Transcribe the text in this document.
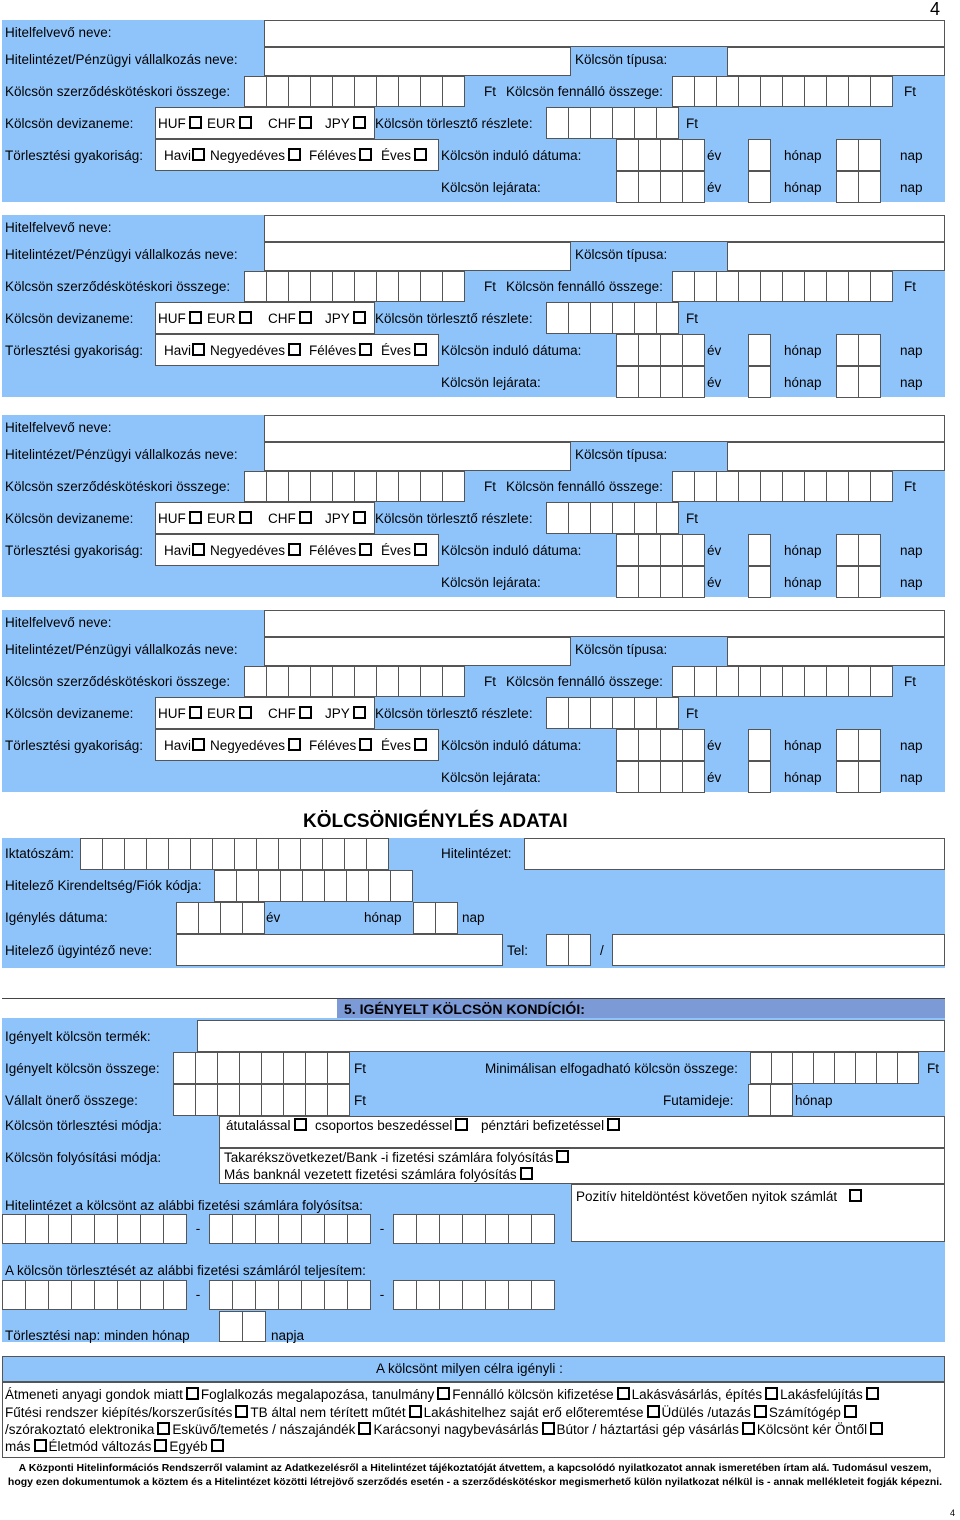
4
Hitelfelvevő neve:
Hitelintézet/Pénzügyi vállalkozás neve:	Kölcsön típusa:
Kölcsön szerződéskötéskori összege:	Ft Kölcsön fennálló összege:	Ft
Kölcsön devizaneme: HUF	EUR	CHF	JPY	Kölcsön törlesztő részlete:	Ft
Törlesztési gyakoriság: Havi	Negyedéves	Féléves	Éves	Kölcsön induló dátuma:	év	hónap	nap
Kölcsön lejárata:	év	hónap	nap
Hitelfelvevő neve:
Hitelintézet/Pénzügyi vállalkozás neve:	Kölcsön típusa:
Kölcsön szerződéskötéskori összege:	Ft Kölcsön fennálló összege:	Ft
Kölcsön devizaneme: HUF	EUR	CHF	JPY	Kölcsön törlesztő részlete:	Ft
Törlesztési gyakoriság: Havi	Negyedéves	Féléves	Éves	Kölcsön induló dátuma:	év	hónap	nap
Kölcsön lejárata:	év	hónap	nap
Hitelfelvevő neve:
Hitelintézet/Pénzügyi vállalkozás neve:	Kölcsön típusa:
Kölcsön szerződéskötéskori összege:	Ft Kölcsön fennálló összege:	Ft
Kölcsön devizaneme: HUF	EUR	CHF	JPY	Kölcsön törlesztő részlete:	Ft
Törlesztési gyakoriság: Havi	Negyedéves	Féléves	Éves	Kölcsön induló dátuma:	év	hónap	nap
Kölcsön lejárata:	év	hónap	nap
Hitelfelvevő neve:
Hitelintézet/Pénzügyi vállalkozás neve:	Kölcsön típusa:
Kölcsön szerződéskötéskori összege:	Ft Kölcsön fennálló összege:	Ft
Kölcsön devizaneme: HUF	EUR	CHF	JPY	Kölcsön törlesztő részlete:	Ft
Törlesztési gyakoriság: Havi	Negyedéves	Féléves	Éves	Kölcsön induló dátuma:	év	hónap	nap
Kölcsön lejárata:	év	hónap	nap
KÖLCSÖNIGÉNYLÉS ADATAI
Iktatószám:	Hitelintézet:
Hitelező Kirendeltség/Fiók kódja:
Igénylés dátuma:	év	hónap	nap
Hitelező ügyintéző neve:	Tel:	/
5. IGÉNYELT KÖLCSÖN KONDÍCIÓI:
Igényelt kölcsön termék:
Igényelt kölcsön összege:	Ft	Minimálisan elfogadható kölcsön összege:	Ft
Vállalt önerő összege:	Ft	Futamideje:	hónap
Kölcsön törlesztési módja:	átutalással	csoportos beszedéssel	pénztári befizetéssel
Kölcsön folyósítási módja:	Takarékszövetkezet/Bank -i fizetési számlára folyósítás
Más banknál vezetett fizetési számlára folyósítás
Hitelintézet a kölcsönt az alábbi fizetési számlára folyósítsa:
Pozitív hiteldöntést követően nyitok számlát
-	-
A kölcsön törlesztését az alábbi fizetési számláról teljesítem:
-	-
Törlesztési nap: minden hónap	napja
A kölcsönt milyen célra igényli :
Átmeneti anyagi gondok miatt Foglalkozás megalapozása, tanulmány Fennálló kölcsön kifizetése Lakásvásárlás, építés Lakásfelújítás
Fűtési rendszer kiépítés/korszerűsítés TB által nem térített műtét Lakáshitelhez saját erő előteremtése Üdülés /utazás Számítógép
/szórakoztató elektronika Esküvő/temetés / nászajándék Karácsonyi nagybevásárlás Bútor / háztartási gép vásárlás Kölcsönt kér Öntől
más Életmód változás Egyéb
A Központi Hitelinformációs Rendszerről valamint az Adatkezelésről a Hitelintézet tájékoztatóját átvettem, a kapcsolódó nyilatkozatot annak ismeretében írtam alá. Tudomásul veszem, hogy ezen dokumentumok a köztem és a Hitelintézet közötti létrejövő szerződés esetén - a szerződéskötéskor megismerhető külön nyilatkozat nélkül is - annak mellékleteit fogják képezni.
4
